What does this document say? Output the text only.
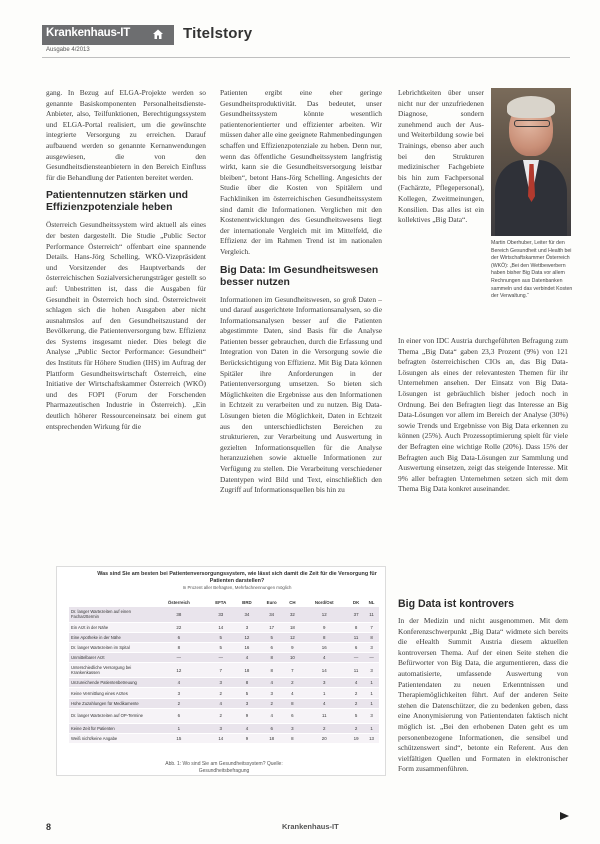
Krankenhaus-IT
Ausgabe 4/2013
Titelstory

gang. In Bezug auf ELGA-Projekte werden so genannte Basiskomponenten Personalheitsdienste-Anbieter, also, Teilfunktionen, Berechtigungssystem und ELGA-Portal realisiert, um die gewünschte integrierte Versorgung zu erreichen. Darauf aufbauend werden so genannte Kernanwendungen ausgewiesen, die von den Gesundheitsdiensteanbietern in den Bereich Einfluss für die Behandlung der Patienten bereitet werden.

Patientennutzen stärken und Effizienzpotenziale heben

Österreich Gesundheitssystem wird aktuell als eines der besten dargestellt. Die Studie „Public Sector Performance Österreich“ offenbart eine spannende Details. Hans-Jörg Schelling, WKÖ-Vizepräsident und Vorsitzender des Hauptverbands der österreichischen Sozialversicherungsträger gestellt so auf: Unbestritten ist, dass die Ausgaben für Gesundheit in Österreich hoch sind. Österreichweit schlagen sich die hohen Ausgaben aber nicht ausnahmslos auf den Gesundheitszustand der Bevölkerung, die Patientenversorgung bzw. Effizienz des Systems insgesamt nieder. Dies belegt die Analyse „Public Sector Performance: Gesundheit“ des Instituts für Höhere Studien (IHS) im Auftrag der Plattform Gesundheitswirtschaft Österreich, eine Initiative der Wirtschaftskammer Österreich (WKÖ) und des FOPI (Forum der Forschenden Pharmazeutischen Industrie in Österreich). „Ein deutlich höherer Ressourceneinsatz bei einem gut entsprechenden Wirkung für die

Patienten ergibt eine eher geringe Gesundheitsproduktivität. Das bedeutet, unser Gesundheitssystem könnte wesentlich patientenorientierter und effizienter arbeiten. Wir müssen daher alle eine geeignete Rahmenbedingungen schaffen und Effizienzpotenziale zu heben. Denn nur, wenn das öffentliche Gesundheitssystem langfristig wirkt, kann sie die Gesundheitsversorgung leistbar bleiben“, betont Hans-Jörg Schelling. Angesichts der Studie über die Kosten von Spitälern und Fachkliniken im österreichischen Gesundheitssystem sind damit die Informationen. Verglichen mit den Kostenentwicklungen des Gesundheitswesens liegt der internationale Vergleich mit im Mittelfeld, die Effizienz der im Rahmen Trend ist im nationalen Vergleich.

Big Data: Im Gesundheitswesen besser nutzen

Informationen im Gesundheitswesen, so groß Daten – und darauf ausgerichtete Informationsanalysen, so die Informationsanalysen besser auf die Patienten abgestimmte Daten, sind Basis für die Analyse Patienten besser gebrauchen, durch die Erfassung und Integration von Daten in die Versorgung sowie die Berücksichtigung von Effizienz. Mit Big Data können Spitäler ihre Anforderungen in der Patientenversorgung umsetzen. So bieten sich Möglichkeiten die Ergebnisse aus den Informationen in Echtzeit zu verarbeiten und zu nutzen. Big Data-Lösungen bieten die Möglichkeit, Daten in Echtzeit aus den unterschiedlichsten Bereichen zu strukturieren, zur Verarbeitung und Auswertung in gezielten Informationsquellen für die Analyse heranzuziehen sowie aktuelle Informationen zur Verfügung zu stellen. Die Verarbeitung verschiedener Datentypen wird Bild und Text, einschließlich den Zugriff auf Informationsquellen bis hin zu

Lebrichtkeiten über unser nicht nur der unzufriedenen Diagnose, sondern zunehmend auch der Aus- und Weiterbildung sowie bei Trainings, ebenso aber auch bei den Strukturen medizinischer Fachgebiete bis hin zum Fachpersonal (Fachärzte, Pflegepersonal), Kollegen, Zweitmeinungen, Konsilien. Das alles ist ein kollektives „Big Data“.

Martin Oberhuber, Leiter für den Bereich Gesundheit und Health bei der Wirtschaftskammer Österreich (WKÖ): „Bei den Wettbewerbern haben bisher Big Data vor allem Rechnungen aus Datenbanken sammeln und das verbindet Kosten der Verwaltung.“

In einer von IDC Austria durchgeführten Befragung zum Thema „Big Data“ gaben 23,3 Prozent (9%) von 121 befragten österreichischen CIOs an, das Big Data-Lösungen als eines der relevantesten Themen für ihr Unternehmen ansehen. Der Einsatz von Big Data-Lösungen ist gebräuchlich bisher jedoch noch in Ordnung. Bei den Befragten liegt das Interesse an Big Data-Lösungen vor allem im Bereich der Analyse (30%) sowie Trends und Ergebnisse von Big Data erkennen zu können (25%). Auch Prozessoptimierung spielt für viele der Befragten eine wichtige Rolle (20%). Dass 15% der Befragten auch Big Data-Lösungen zur Sammlung und Auswertung einsetzen, zeigt das steigende Interesse. Mit 9% aller befragten Unternehmen setzen sich mit dem Thema Big Data konkret auseinander.

Big Data ist kontrovers

In der Medizin und nicht ausgenommen. Mit dem Konferenzschwerpunkt „Big Data“ widmete sich bereits die eHealth Summit Austria diesem aktuellen kontroversen Thema. Auf der einen Seite stehen die Befürworter von Big Data, die argumentieren, dass die automatisierte, umfassende Auswertung von Patientendaten zu neuen Erkenntnissen und Therapiemöglichkeiten führt. Auf der anderen Seite stehen die Datenschützer, die zu bedenken geben, dass eine Anonymisierung von Patientendaten faktisch nicht möglich ist. „Bei den erhobenen Daten geht es um personenbezogene Informationen, die sensibel und schützenswert sind“, betonte ein Referent. Aus den vielfältigen Quellen und Formaten in elektronischer Form zusammenführen.

Was sind Sie am besten bei Patientenversorgungssystem, wie lässt sich damit die Zeit für die Versorgung für Patienten darstellen?
In Prozent aller Befragten, Mehrfachnennungen möglich
	Österreich	EFTA	BRD	Euro	CH	Nord/Ost	DK	NL
Dr. langer Wartezeiten auf einen Facharzttermin	38	33	34	34	32	12	37	11
Ein Arzt in der Nähe	22	14	3	17	18	9	8	7
Eine Apotheke in der Nähe	6	5	12	5	12	8	11	8
Dr. langer Wartezeiten im Spital	8	5	16	6	9	16	6	3
Unmittelbarer Arzt	—	—	4	8	10	4	—	—
Unterschiedliche Versorgung bei Krankenkassen	12	7	18	8	7	14	11	3
Unzureichende Patientenbetreuung	4	3	8	4	2	3	4	1
Keine Vermittlung eines Arztes	3	2	5	3	4	1	2	1
Hohe Zuzahlungen für Medikamente	2	4	3	2	8	4	2	1
Dr. langer Wartezeiten auf OP-Termine	6	2	9	4	6	11	5	3
Keine Zeit für Patienten	1	3	4	6	3	2	2	1
Weiß nicht/keine Angabe	15	14	9	18	8	20	19	13
Abb. 1: Wo sind Sie am Gesundheitssystem? Quelle: Gesundheitsbefragung
8	Krankenhaus-IT
